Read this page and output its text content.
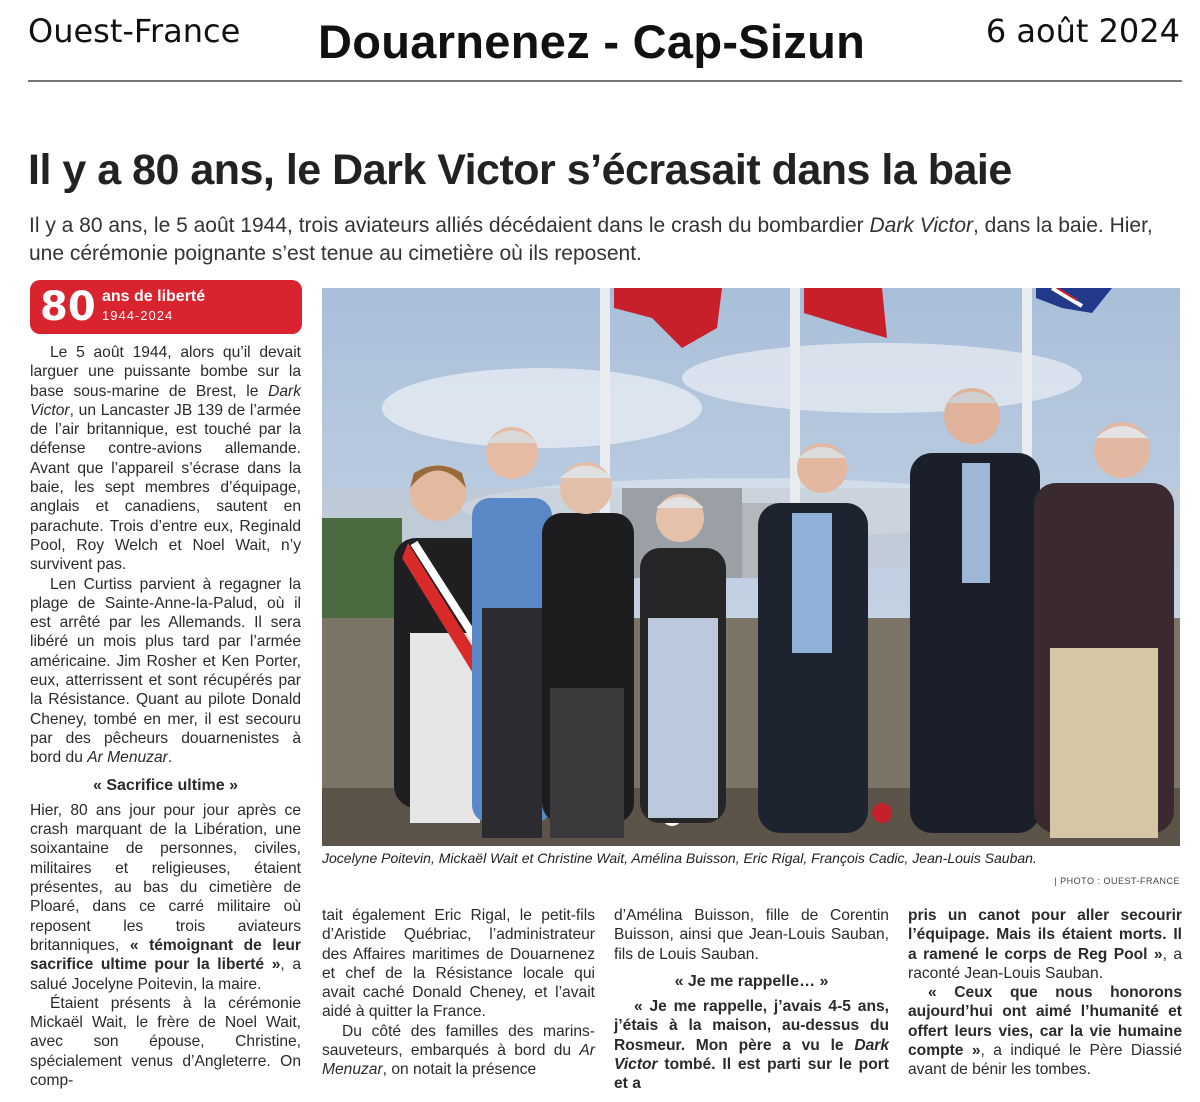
Ouest-France Douarnenez - Cap-Sizun	6 août 2024
Il y a 80 ans, le Dark Victor s’écrasait dans la baie
Il y a 80 ans, le 5 août 1944, trois aviateurs alliés décédaient dans le crash du bombardier Dark Victor, dans la baie. Hier, une cérémonie poignante s’est tenue au cimetière où ils reposent.
80 ans de liberté
1944-2024

Le 5 août 1944, alors qu’il devait larguer une puissante bombe sur la base sous-marine de Brest, le Dark Victor, un Lancaster JB 139 de l’armée de l’air britannique, est touché par la défense contre-avions allemande. Avant que l’appareil s’écrase dans la baie, les sept membres d’équipage, anglais et canadiens, sautent en parachute. Trois d’entre eux, Reginald Pool, Roy Welch et Noel Wait, n’y survivent pas.

Len Curtiss parvient à regagner la plage de Sainte-Anne-la-Palud, où il est arrêté par les Allemands. Il sera libéré un mois plus tard par l’armée américaine. Jim Rosher et Ken Porter, eux, atterrissent et sont récupérés par la Résistance. Quant au pilote Donald Cheney, tombé en mer, il est secouru par des pêcheurs douarnenistes à bord du Ar Menuzar.

« Sacrifice ultime »

Hier, 80 ans jour pour jour après ce crash marquant de la Libération, une soixantaine de personnes, civiles, militaires et religieuses, étaient présentes, au bas du cimetière de Ploaré, dans ce carré militaire où reposent les trois aviateurs britanniques, « témoignant de leur sacrifice ultime pour la liberté », a salué Jocelyne Poitevin, la maire.

Étaient présents à la cérémonie Mickaël Wait, le frère de Noel Wait, avec son épouse, Christine, spécialement venus d’Angleterre. On comp-

Jocelyne Poitevin, Mickaël Wait et Christine Wait, Amélina Buisson, Eric Rigal, François Cadic, Jean-Louis Sauban.
| PHOTO : OUEST-FRANCE

tait également Eric Rigal, le petit-fils d’Aristide Québriac, l’administrateur des Affaires maritimes de Douarnenez et chef de la Résistance locale qui avait caché Donald Cheney, et l’avait aidé à quitter la France.

Du côté des familles des marins-sauveteurs, embarqués à bord du Ar Menuzar, on notait la présence

d’Amélina Buisson, fille de Corentin Buisson, ainsi que Jean-Louis Sauban, fils de Louis Sauban.

« Je me rappelle… »

« Je me rappelle, j’avais 4-5 ans, j’étais à la maison, au-dessus du Rosmeur. Mon père a vu le Dark Victor tombé. Il est parti sur le port et a

pris un canot pour aller secourir l’équipage. Mais ils étaient morts. Il a ramené le corps de Reg Pool », a raconté Jean-Louis Sauban.

« Ceux que nous honorons aujourd’hui ont aimé l’humanité et offert leurs vies, car la vie humaine compte », a indiqué le Père Diassié avant de bénir les tombes.
